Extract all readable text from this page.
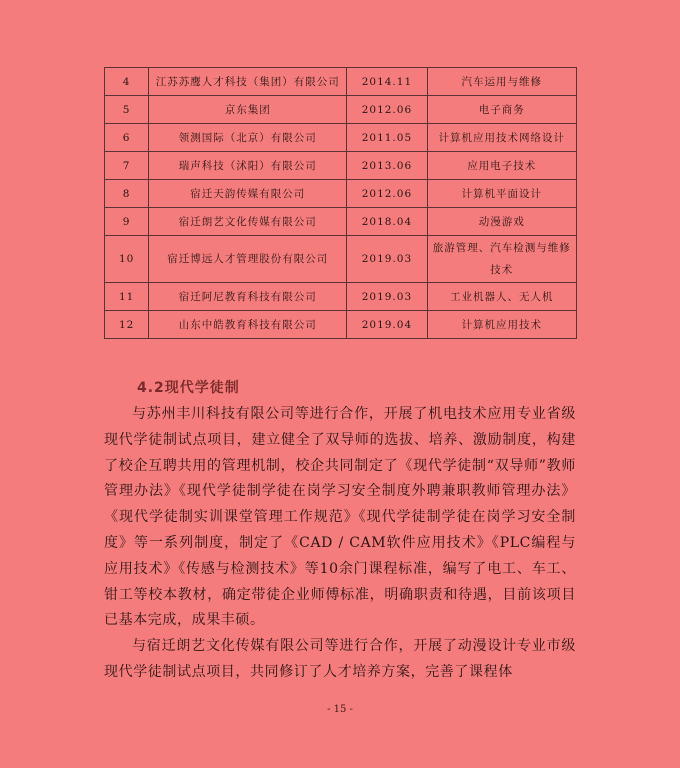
4	江苏苏鹰人才科技（集团）有限公司	2014.11	汽车运用与维修
5	京东集团	2012.06	电子商务
6	领测国际（北京）有限公司	2011.05	计算机应用技术网络设计
7	瑞声科技（沭阳）有限公司	2013.06	应用电子技术
8	宿迁天韵传媒有限公司	2012.06	计算机平面设计
9	宿迁朗艺文化传媒有限公司	2018.04	动漫游戏
10	宿迁博远人才管理股份有限公司	2019.03	旅游管理、汽车检测与维修技术
11	宿迁阿尼教育科技有限公司	2019.03	工业机器人、无人机
12	山东中皓教育科技有限公司	2019.04	计算机应用技术
4.2现代学徒制

与苏州丰川科技有限公司等进行合作，开展了机电技术应用专业省级现代学徒制试点项目，建立健全了双导师的选拔、培养、激励制度，构建了校企互聘共用的管理机制，校企共同制定了《现代学徒制“双导师”教师管理办法》《现代学徒制学徒在岗学习安全制度外聘兼职教师管理办法》《现代学徒制实训课堂管理工作规范》《现代学徒制学徒在岗学习安全制度》等一系列制度，制定了《CAD / CAM软件应用技术》《PLC编程与应用技术》《传感与检测技术》等10余门课程标准，编写了电工、车工、钳工等校本教材，确定带徒企业师傅标准，明确职责和待遇，目前该项目已基本完成，成果丰硕。

与宿迁朗艺文化传媒有限公司等进行合作，开展了动漫设计专业市级现代学徒制试点项目，共同修订了人才培养方案，完善了课程体

- 15 -
